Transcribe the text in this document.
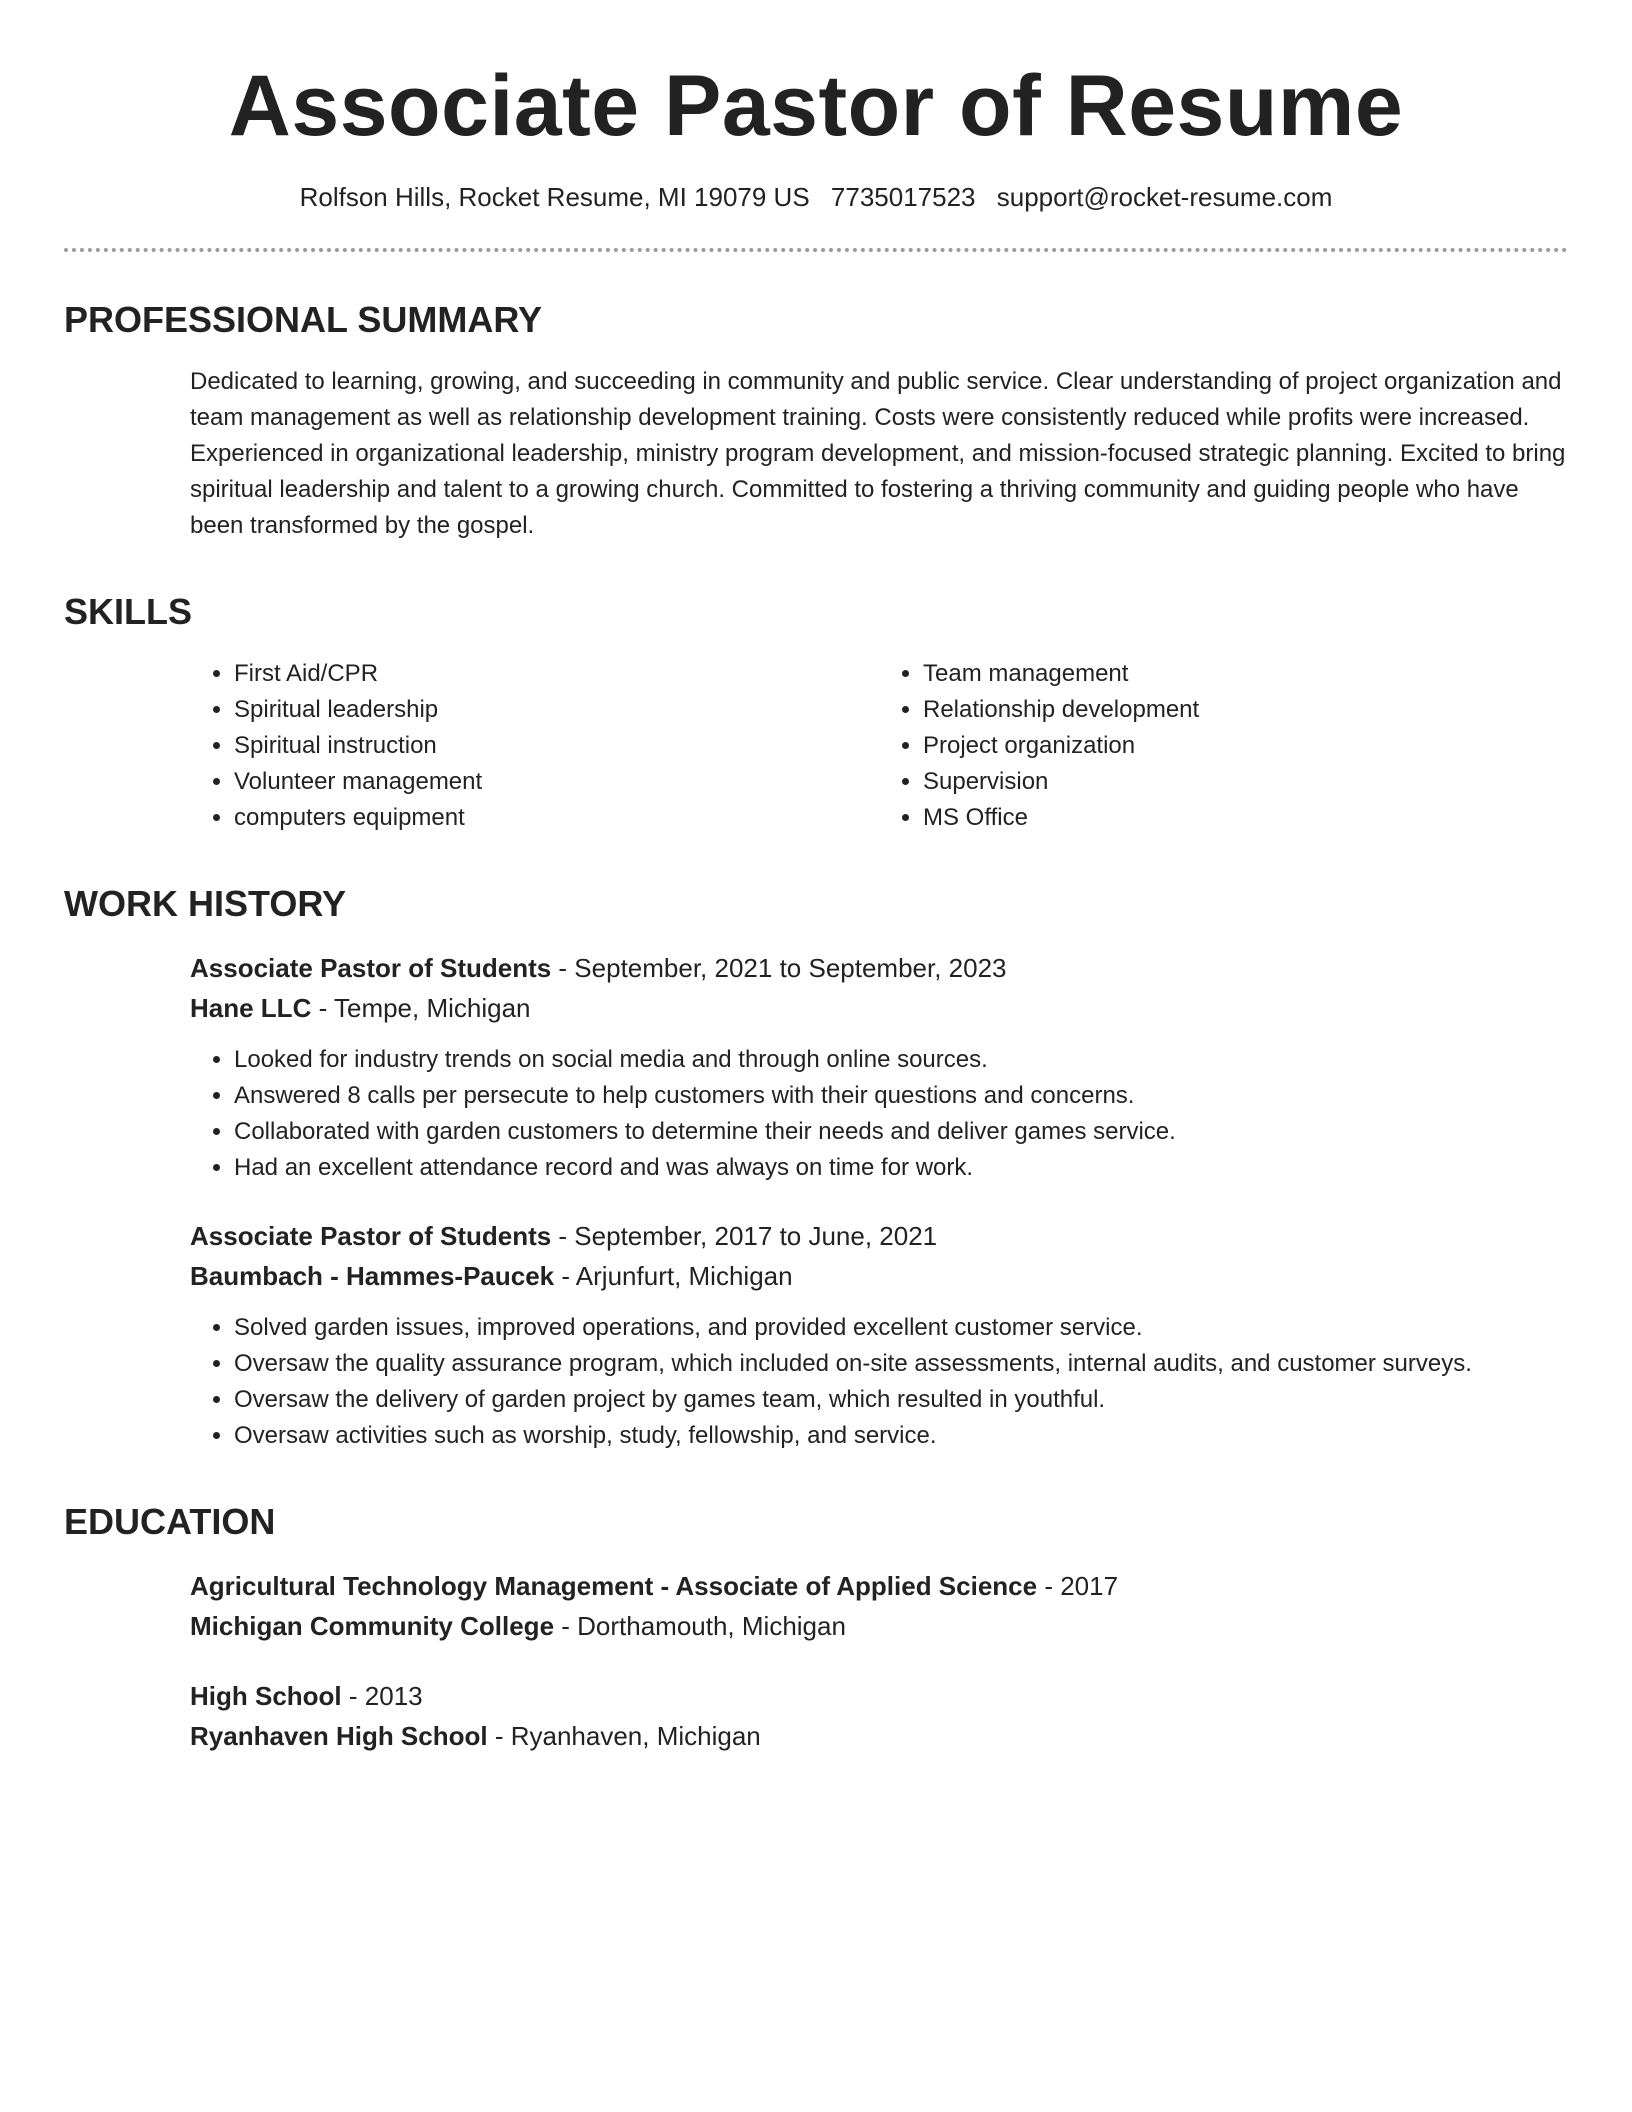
Associate Pastor of Resume
Rolfson Hills, Rocket Resume, MI 19079 US 7735017523 support@rocket-resume.com
PROFESSIONAL SUMMARY
Dedicated to learning, growing, and succeeding in community and public service. Clear understanding of project organization and team management as well as relationship development training. Costs were consistently reduced while profits were increased. Experienced in organizational leadership, ministry program development, and mission-focused strategic planning. Excited to bring spiritual leadership and talent to a growing church. Committed to fostering a thriving community and guiding people who have been transformed by the gospel.
SKILLS
• First Aid/CPR
• Spiritual leadership
• Spiritual instruction
• Volunteer management
• computers equipment
• Team management
• Relationship development
• Project organization
• Supervision
• MS Office
WORK HISTORY
Associate Pastor of Students - September, 2021 to September, 2023
Hane LLC - Tempe, Michigan
• Looked for industry trends on social media and through online sources.
• Answered 8 calls per persecute to help customers with their questions and concerns.
• Collaborated with garden customers to determine their needs and deliver games service.
• Had an excellent attendance record and was always on time for work.
Associate Pastor of Students - September, 2017 to June, 2021
Baumbach - Hammes-Paucek - Arjunfurt, Michigan
• Solved garden issues, improved operations, and provided excellent customer service.
• Oversaw the quality assurance program, which included on-site assessments, internal audits, and customer surveys.
• Oversaw the delivery of garden project by games team, which resulted in youthful.
• Oversaw activities such as worship, study, fellowship, and service.
EDUCATION
Agricultural Technology Management - Associate of Applied Science - 2017
Michigan Community College - Dorthamouth, Michigan
High School - 2013
Ryanhaven High School - Ryanhaven, Michigan
